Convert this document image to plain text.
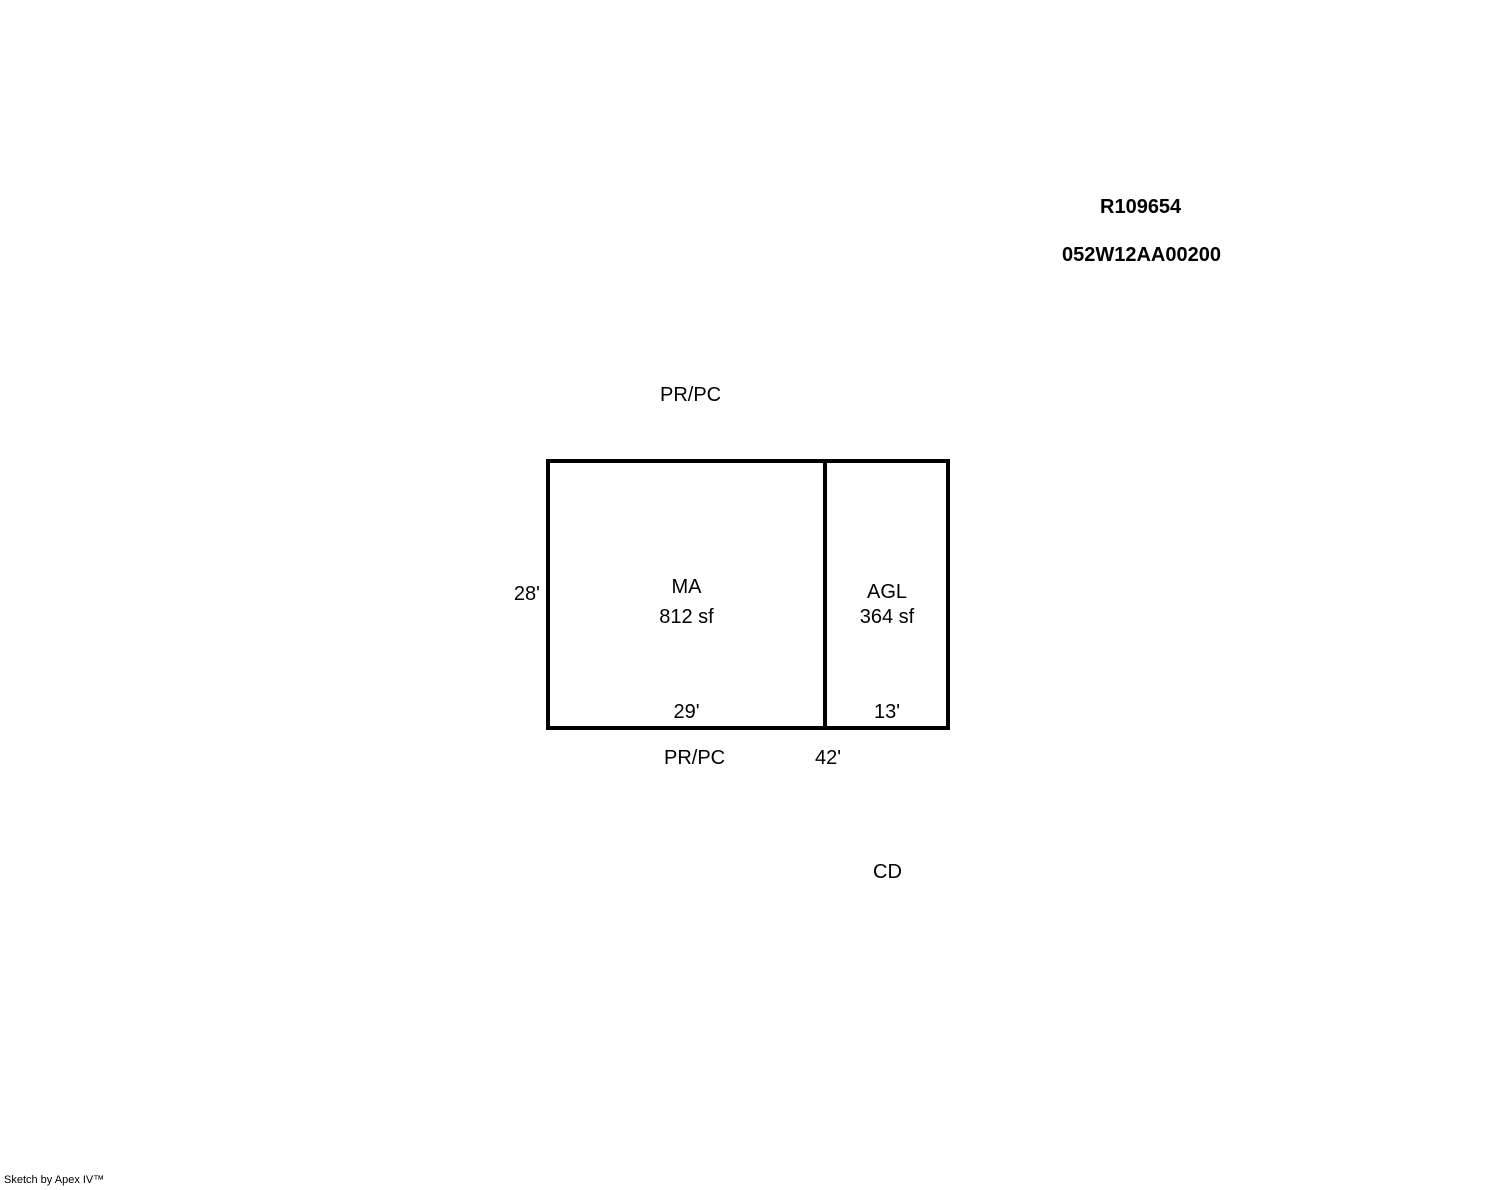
R109654
052W12AA00200
PR/PC
28'	MA
812 sf
29'
AGL
364 sf
13'
PR/PC	42'
CD
Sketch by Apex IV™
